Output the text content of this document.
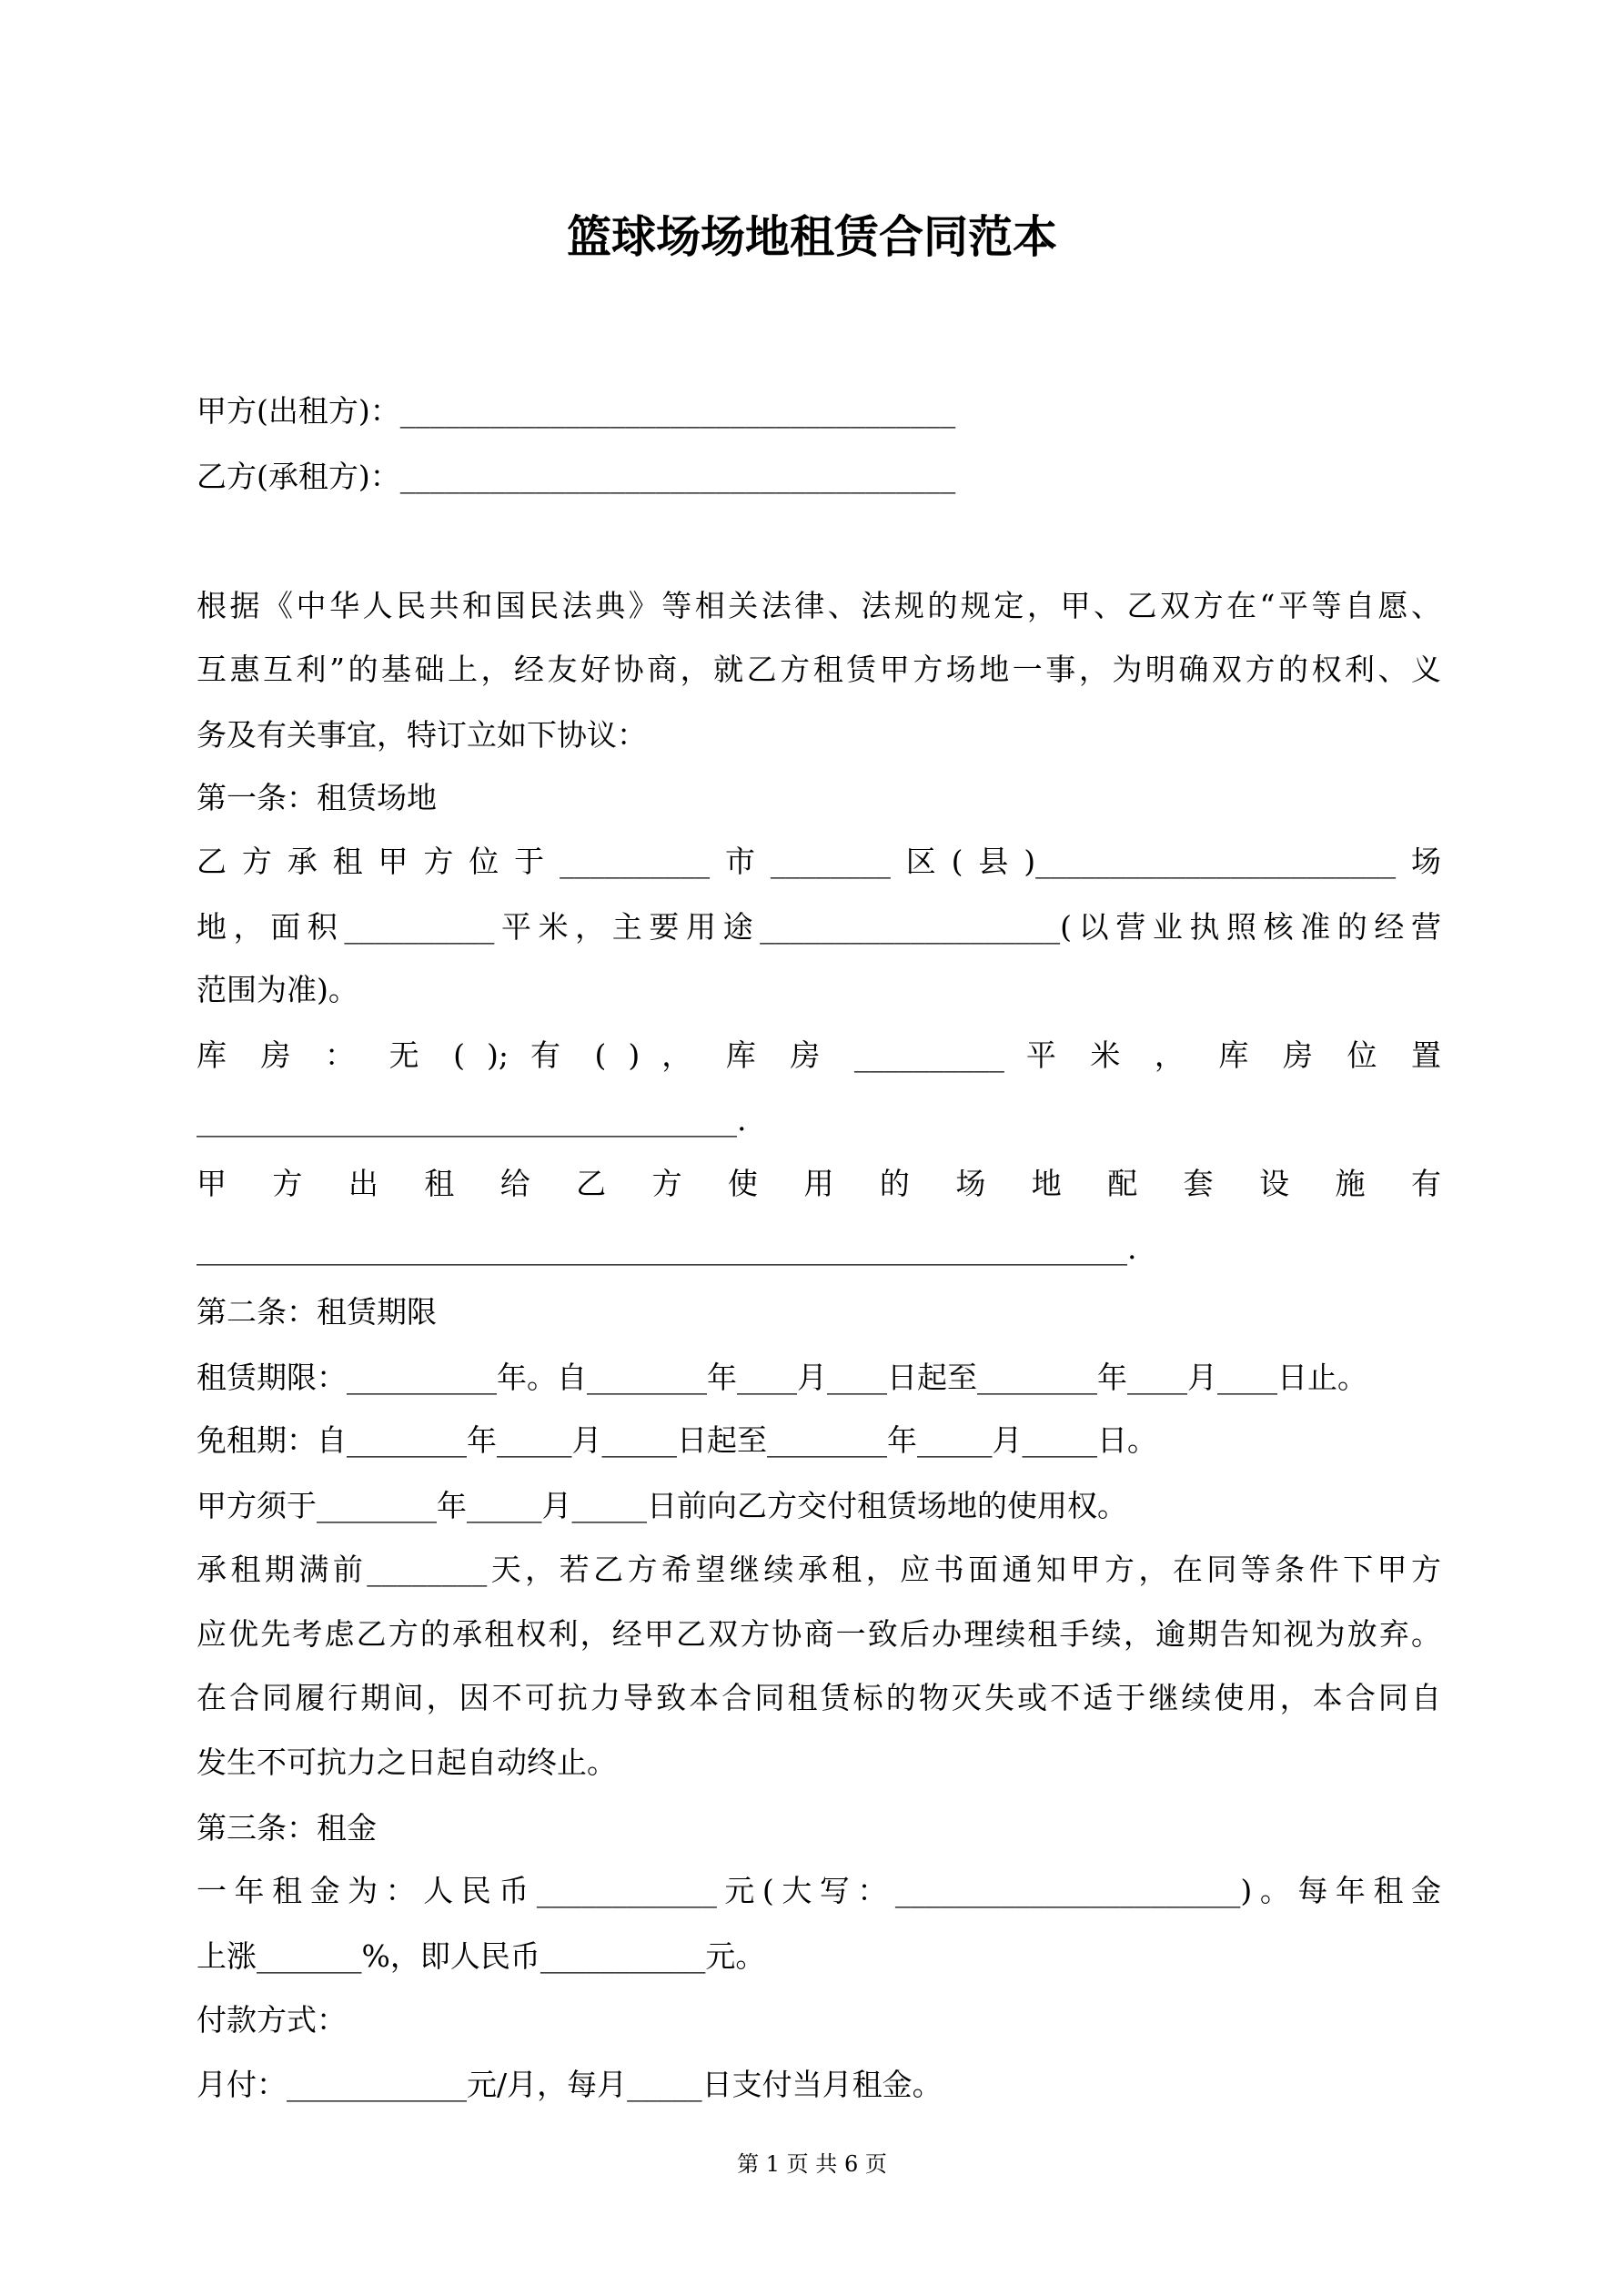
篮球场场地租赁合同范本
甲方(出租方)：_____________________________________
乙方(承租方)：_____________________________________
根据《中华人民共和国民法典》等相关法律、法规的规定，甲、乙双方在“平等自愿、
互惠互利”的基础上，经友好协商，就乙方租赁甲方场地一事，为明确双方的权利、义
务及有关事宜，特订立如下协议：
第一条：租赁场地
乙方承租甲方位于__________市________区(县)________________________场
地，面积__________平米，主要用途____________________(以营业执照核准的经营
范围为准)。
库 房 ： 无 ( ); 有 ( ) ， 库 房 __________ 平 米 ， 库 房 位 置
____________________________________.
甲 方 出 租 给 乙 方 使 用 的 场 地 配 套 设 施 有
______________________________________________________________.
第二条：租赁期限
租赁期限：__________年。自________年____月____日起至________年____月____日止。
免租期：自________年_____月_____日起至________年_____月_____日。
甲方须于________年_____月_____日前向乙方交付租赁场地的使用权。
承租期满前________天，若乙方希望继续承租，应书面通知甲方，在同等条件下甲方
应优先考虑乙方的承租权利，经甲乙双方协商一致后办理续租手续，逾期告知视为放弃。
在合同履行期间，因不可抗力导致本合同租赁标的物灭失或不适于继续使用，本合同自
发生不可抗力之日起自动终止。
第三条：租金
一年租金为：人民币____________元(大写：_______________________)。每年租金
上涨_______%，即人民币___________元。
付款方式：
月付：____________元/月，每月_____日支付当月租金。
第 1 页 共 6 页
